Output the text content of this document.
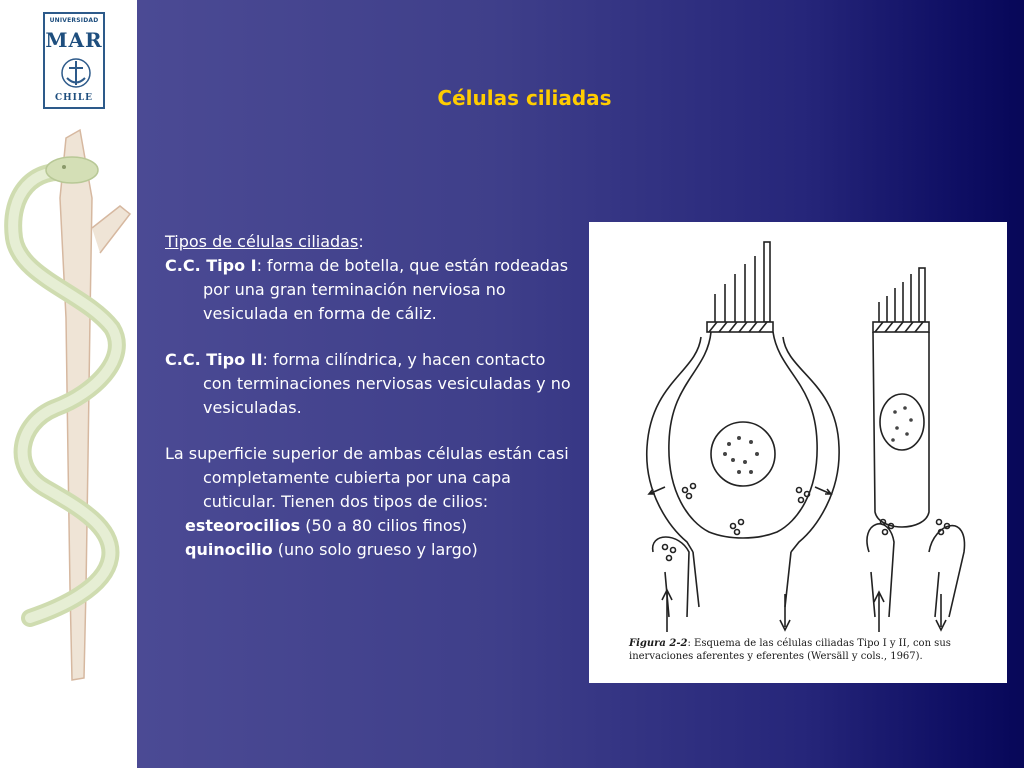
UNIVERSIDAD
MAR
CHILE	Células ciliadas

Tipos de células ciliadas:

C.C. Tipo I: forma de botella, que están rodeadas por una gran terminación nerviosa no vesiculada en forma de cáliz.

C.C. Tipo II: forma cilíndrica, y hacen contacto con terminaciones nerviosas vesiculadas y no vesiculadas.

La superficie superior de ambas células están casi completamente cubierta por una capa cuticular. Tienen dos tipos de cilios:

esteorocilios (50 a 80 cilios finos)

quinocilio (uno solo grueso y largo)

Figura 2-2: Esquema de las células ciliadas Tipo I y II, con sus inervaciones aferentes y eferentes (Wersäll y cols., 1967).
